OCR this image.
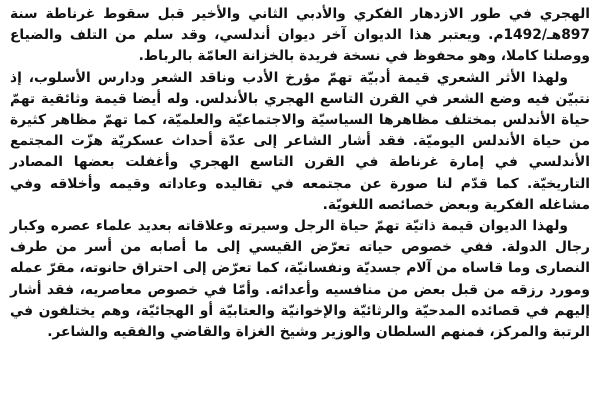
الهجري في طور الازدهار الفكري والأدبي الثاني والأخير قبل سقوط غرناطة سنة 897هـ/1492م. ويعتبر هذا الديوان آخر ديوان أندلسي، وقد سلم من التلف والضياع ووصلنا كاملا، وهو محفوظ في نسخة فريدة بالخزانة العامّة بالرباط.

ولهذا الأثر الشعري قيمة أدبيّة تهمّ مؤرخ الأدب وناقد الشعر ودارس الأسلوب، إذ نتبيّن فيه وضع الشعر في القرن التاسع الهجري بالأندلس. وله أيضا قيمة وثائقية تهمّ حياة الأندلس بمختلف مظاهرها السياسيّة والاجتماعيّة والعلميّة، كما تهمّ مظاهر كثيرة من حياة الأندلس اليوميّة. فقد أشار الشاعر إلى عدّة أحداث عسكريّة هزّت المجتمع الأندلسي في إمارة غرناطة في القرن التاسع الهجري وأغفلت بعضها المصادر التاريخيّة. كما قدّم لنا صورة عن مجتمعه في تقاليده وعاداته وقيمه وأخلاقه وفي مشاغله الفكرية وبعض خصائصه اللغويّة.

ولهذا الديوان قيمة ذاتيّة تهمّ حياة الرجل وسيرته وعلاقاته بعديد علماء عصره وكبار رجال الدولة. ففي خصوص حياته تعرّض القيسي إلى ما أصابه من أسر من طرف النصارى وما قاساه من آلام جسديّة ونفسانيّة، كما تعرّض إلى احتراق حانوته، مقرّ عمله ومورد رزقه من قبل بعض من منافسيه وأعدائه. وأمّا في خصوص معاصريه، فقد أشار إليهم في قصائده المدحيّة والرثائيّة والإخوانيّة والعتابيّة أو الهجائيّة، وهم يختلفون في الرتبة والمركز، فمنهم السلطان والوزير وشيخ الغزاة والقاضي والفقيه والشاعر.
